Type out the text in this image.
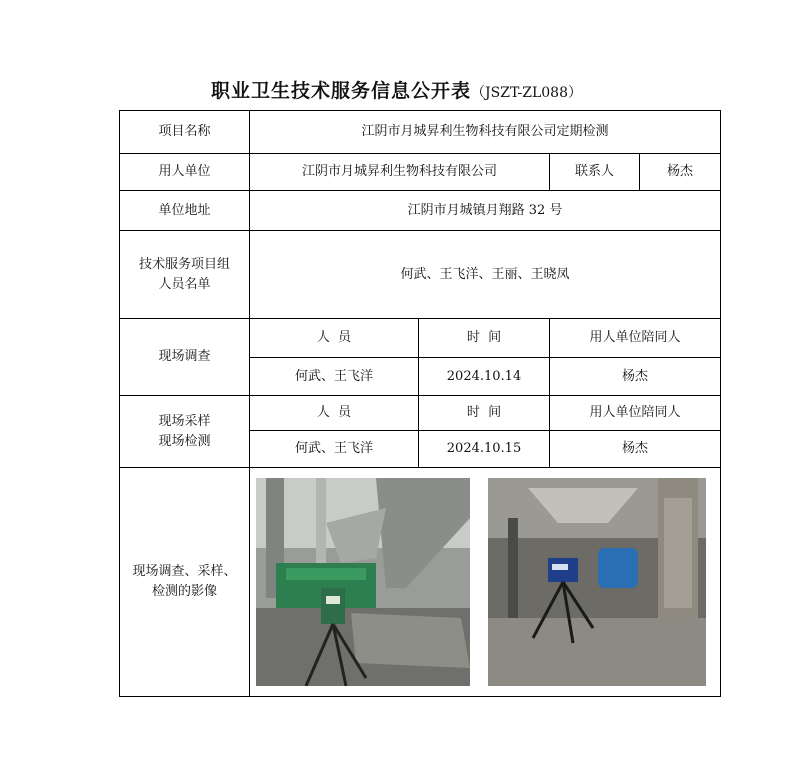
职业卫生技术服务信息公开表（JSZT-ZL088）
项目名称	江阴市月城昇利生物科技有限公司定期检测			
用人单位	江阴市月城昇利生物科技有限公司		联系人	杨杰
单位地址	江阴市月城镇月翔路 32 号			
技术服务项目组
人员名单	何武、王飞洋、王丽、王晓凤			
现场调查	人  员	时  间	用人单位陪同人	
	何武、王飞洋	2024.10.14	杨杰	
现场采样
现场检测	人  员	时  间	用人单位陪同人	
	何武、王飞洋	2024.10.15	杨杰	
现场调查、采样、
检测的影像	
